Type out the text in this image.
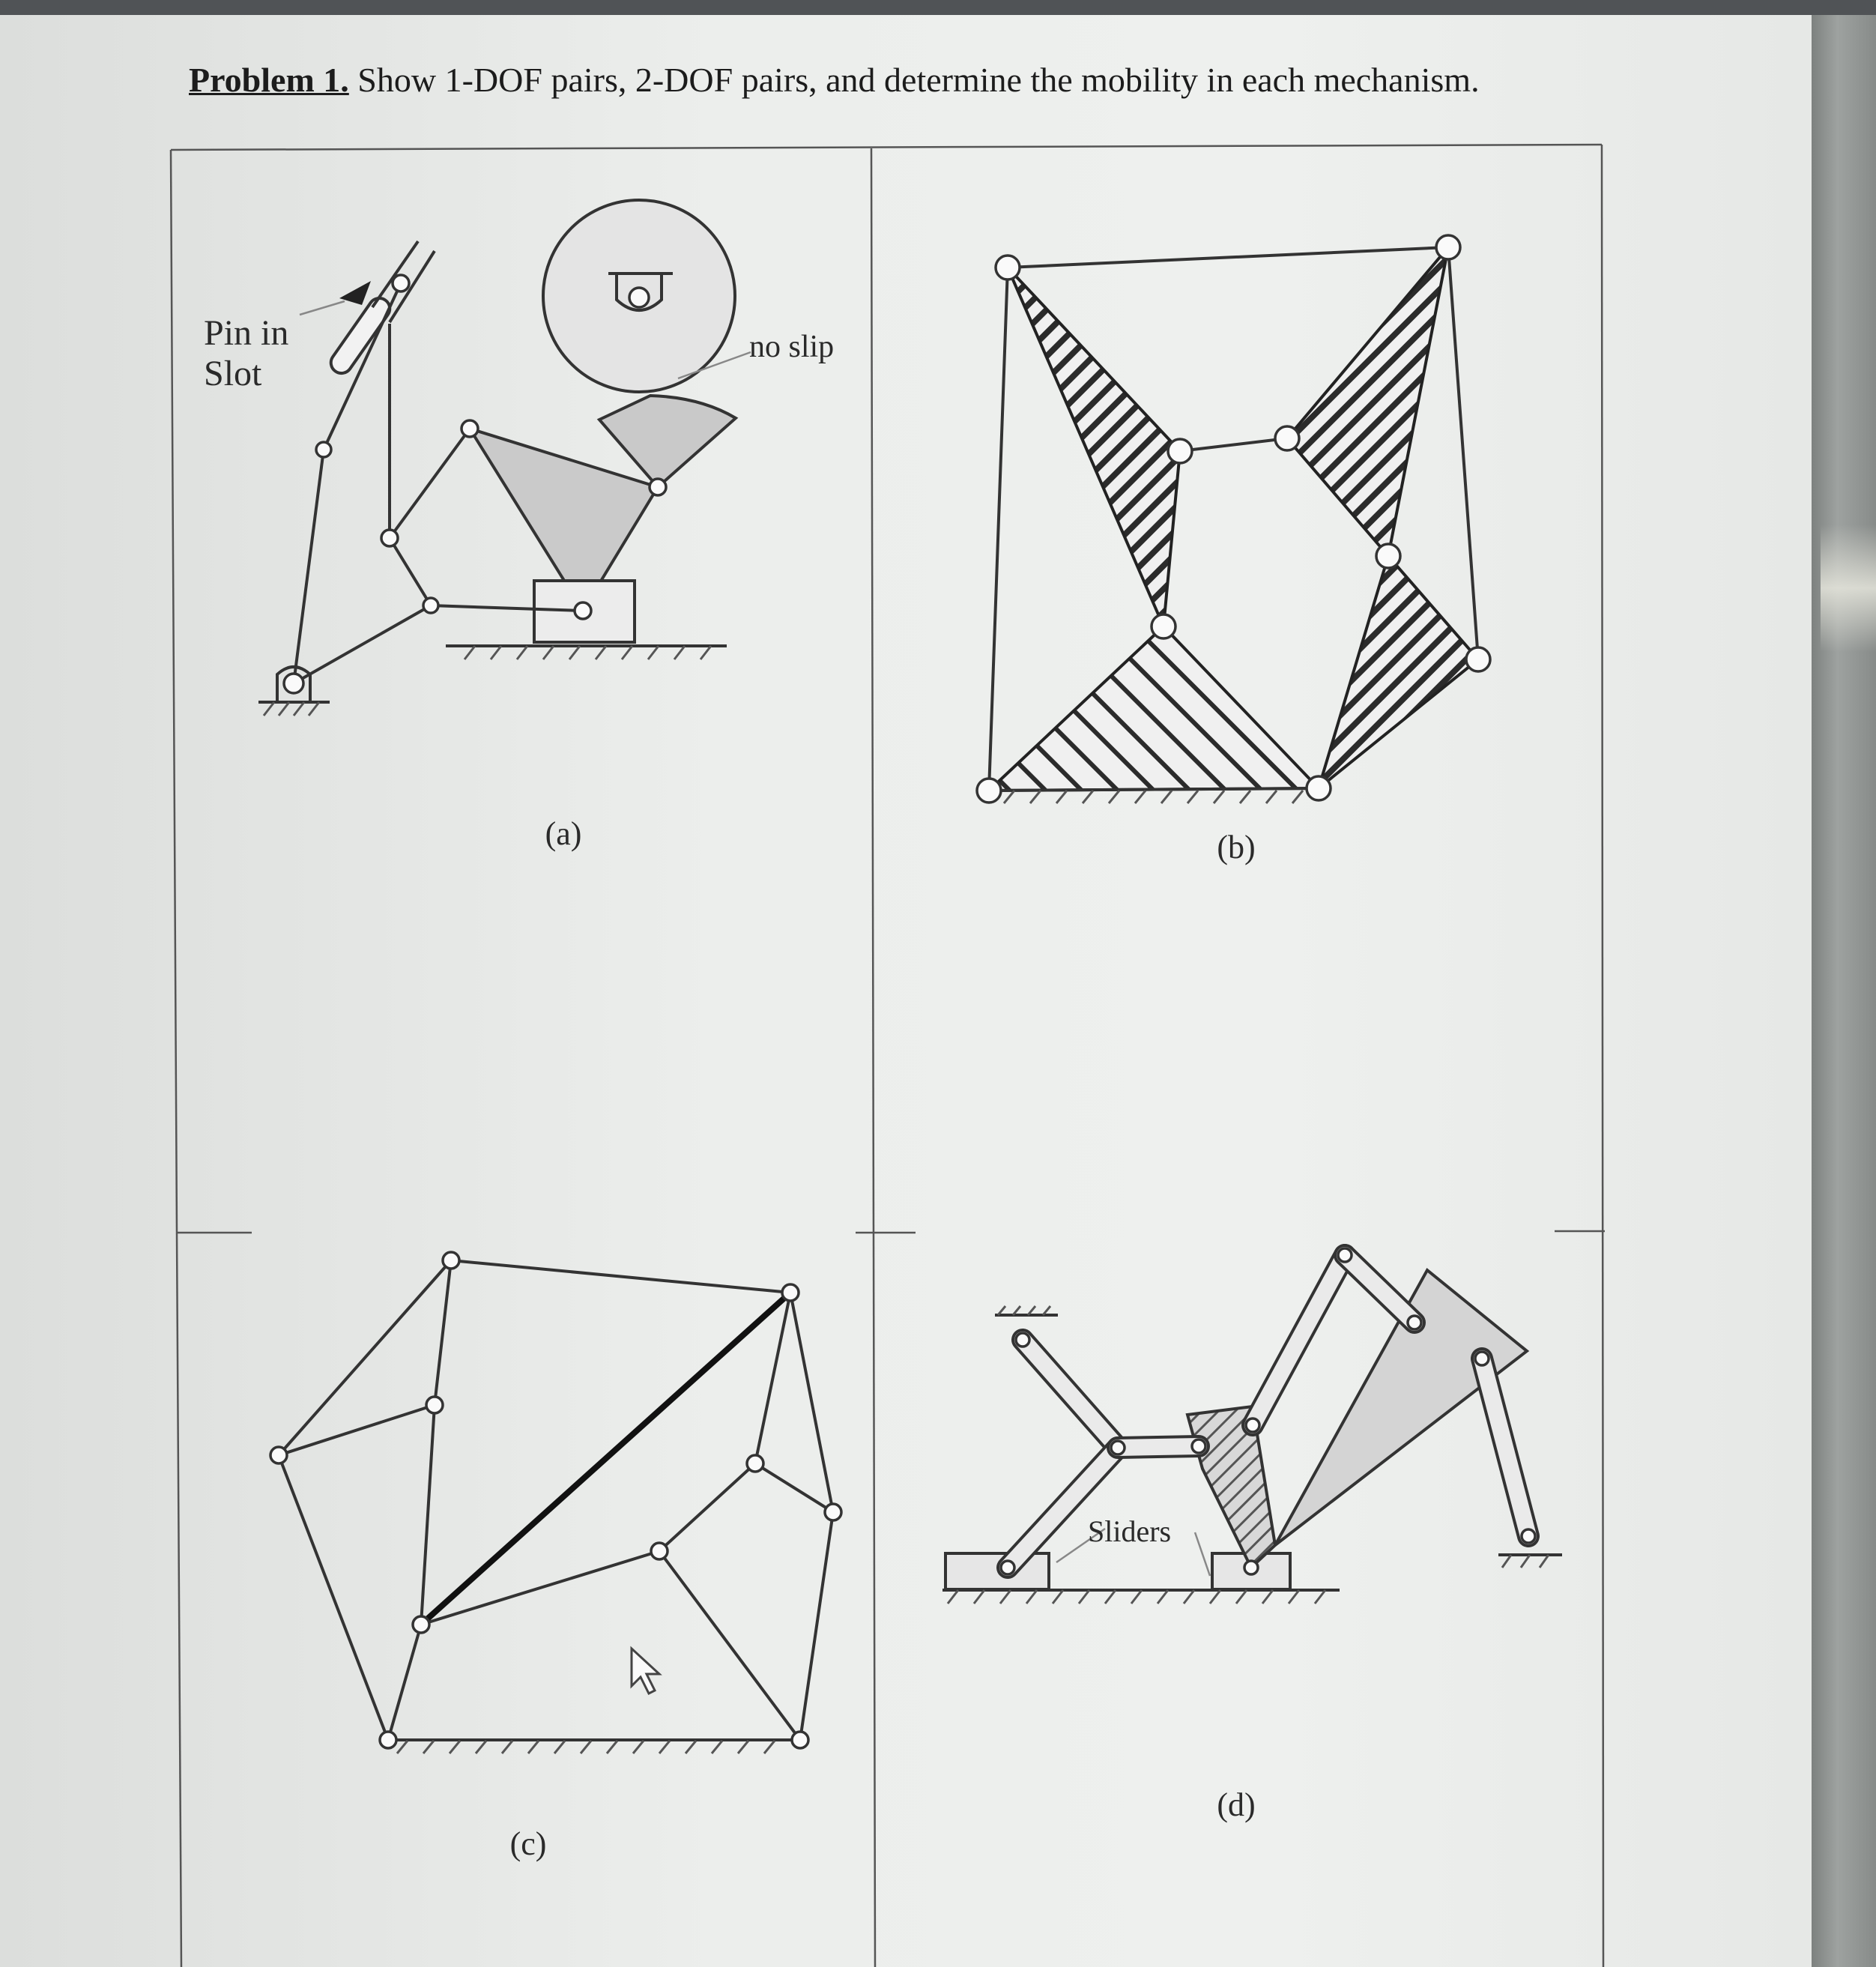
Problem 1. Show 1-DOF pairs, 2-DOF pairs, and determine the mobility in each mechanism.
Pin in
Slot
no slip
(a)	(b)
(c)
Sliders
(d)
